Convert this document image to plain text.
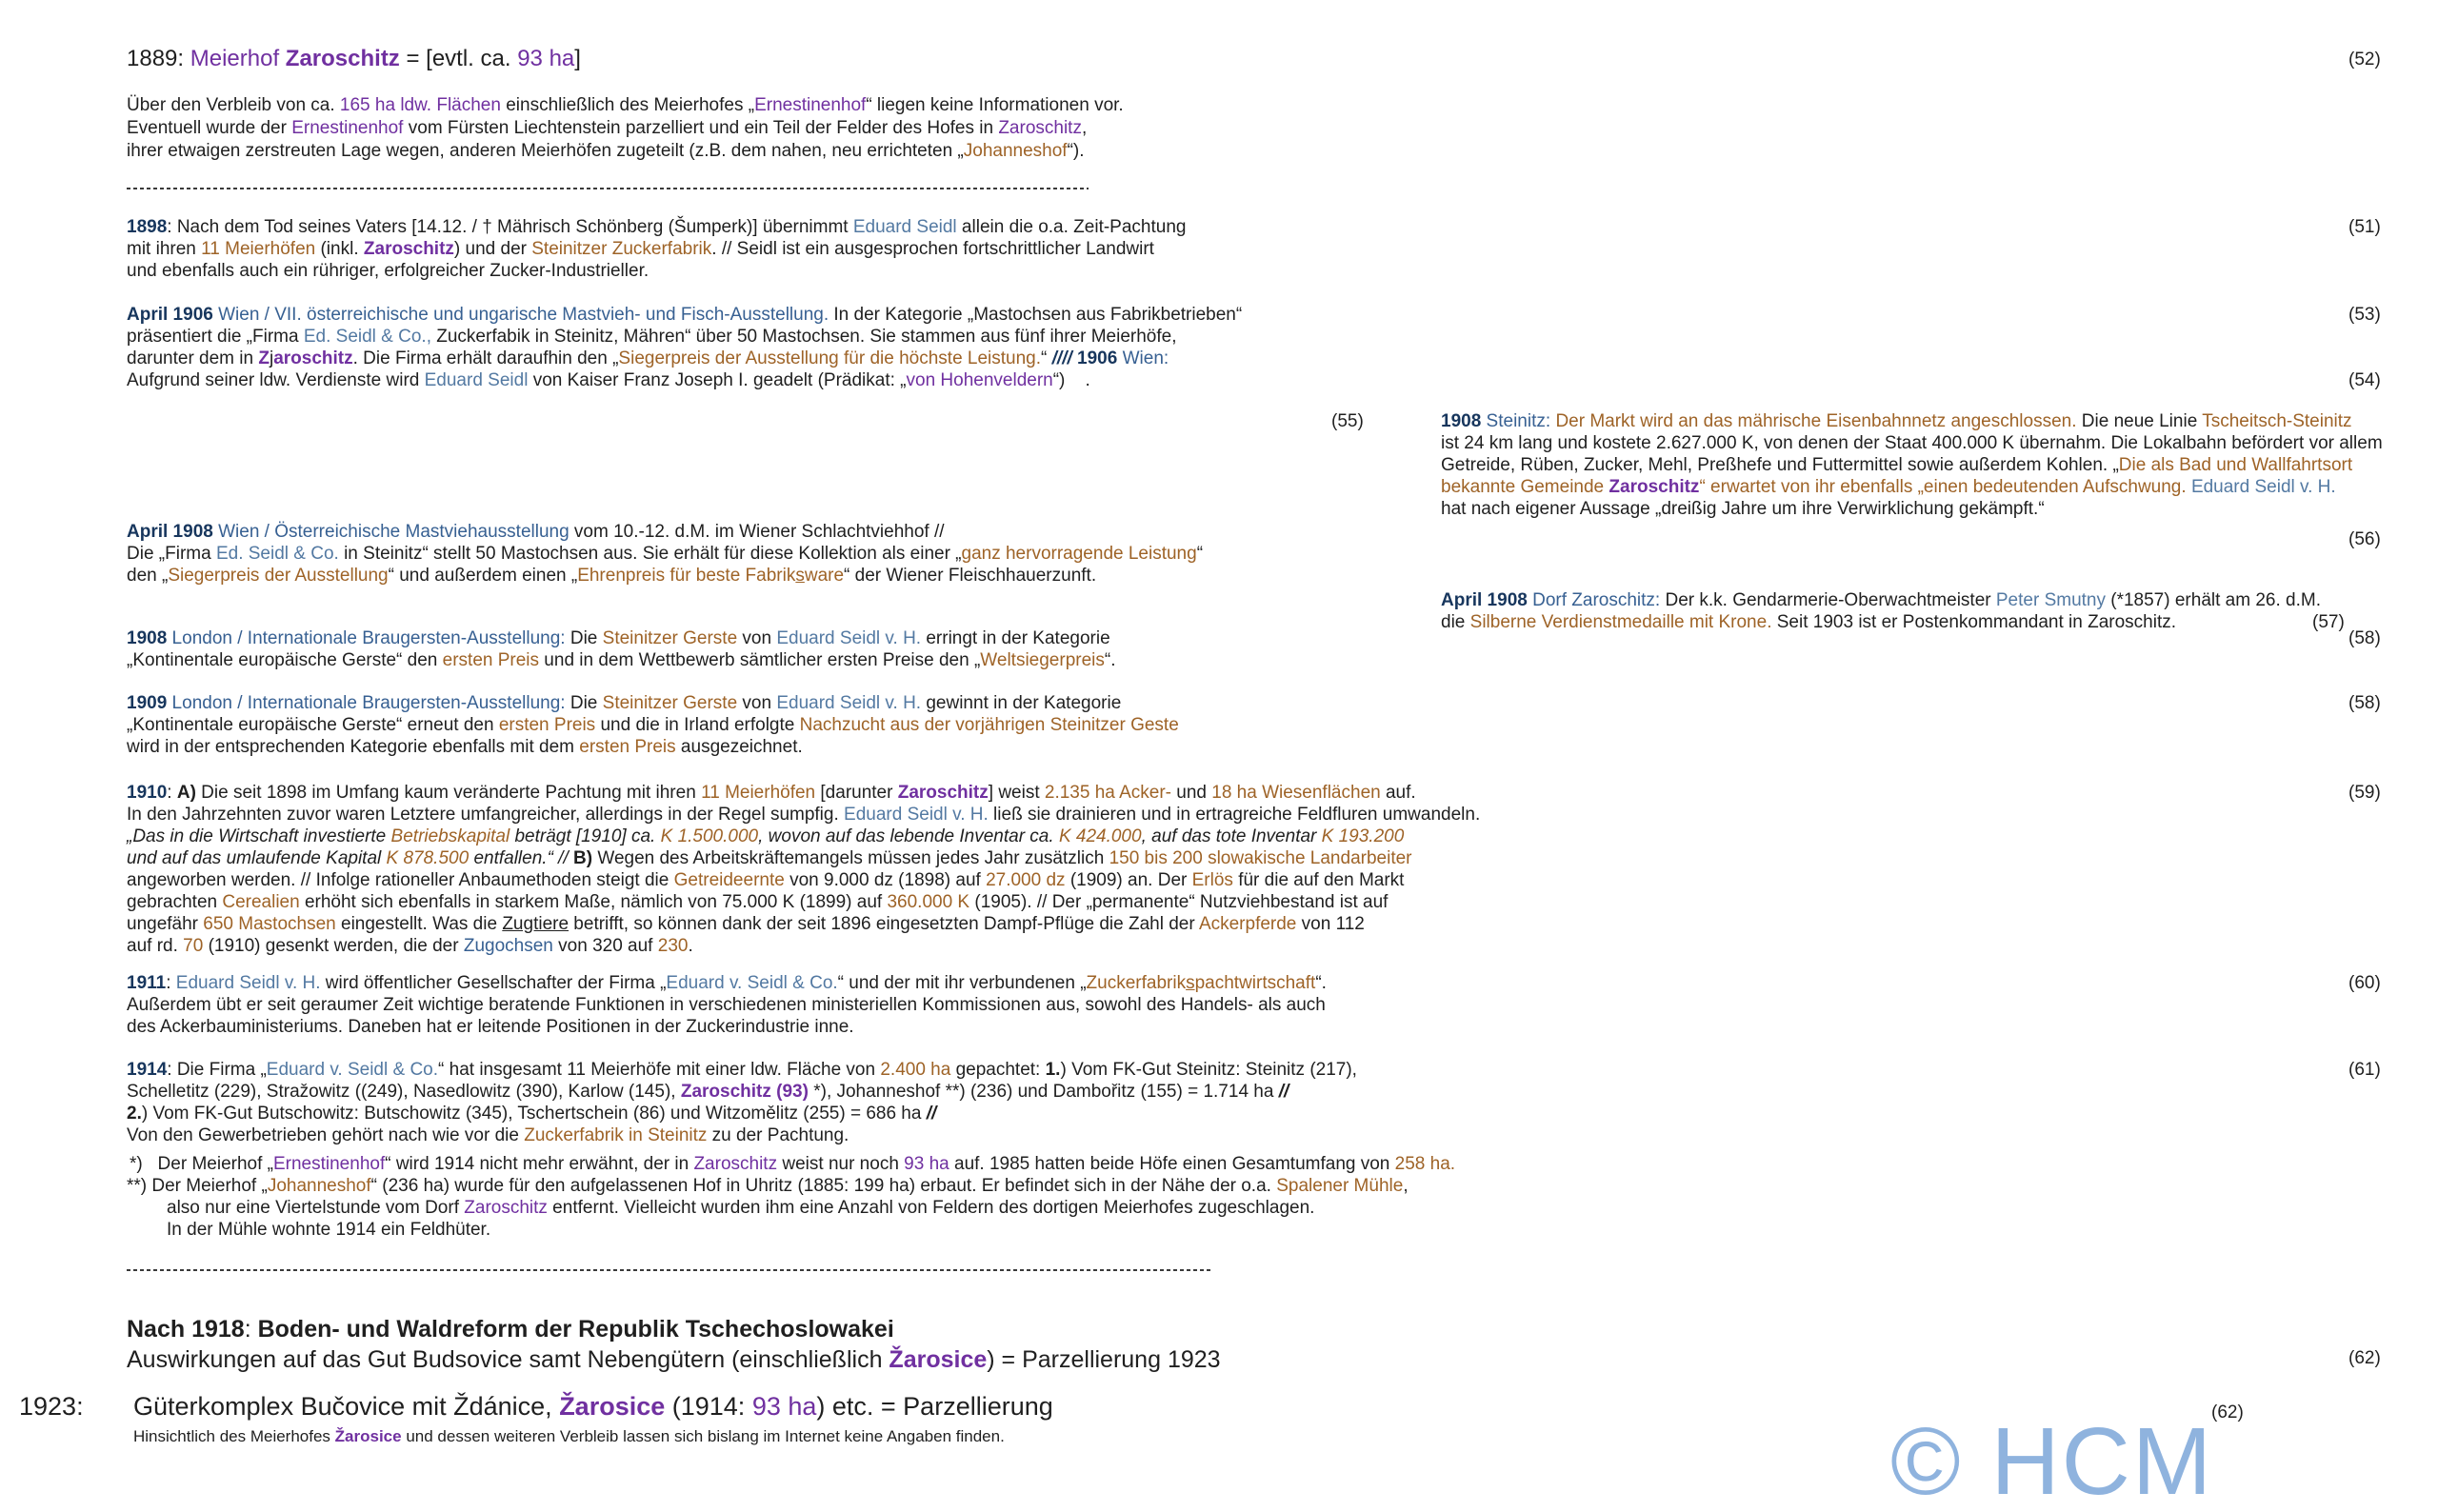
© HCM
1889: Meierhof Zaroschitz = [evtl. ca. 93 ha]
Über den Verbleib von ca. 165 ha ldw. Flächen einschließlich des Meierhofes „Ernestinenhof“ liegen keine Informationen vor.
Eventuell wurde der Ernestinenhof vom Fürsten Liechtenstein parzelliert und ein Teil der Felder des Hofes in Zaroschitz,
ihrer etwaigen zerstreuten Lage wegen, anderen Meierhöfen zugeteilt (z.B. dem nahen, neu errichteten „Johanneshof“).
1898: Nach dem Tod seines Vaters [14.12. / † Mährisch Schönberg (Šumperk)] übernimmt Eduard Seidl allein die o.a. Zeit-Pachtung
mit ihren 11 Meierhöfen (inkl. Zaroschitz) und der Steinitzer Zuckerfabrik. // Seidl ist ein ausgesprochen fortschrittlicher Landwirt
und ebenfalls auch ein rühriger, erfolgreicher Zucker-Industrieller.
April 1906 Wien / VII. österreichische und ungarische Mastvieh- und Fisch-Ausstellung. In der Kategorie „Mastochsen aus Fabrikbetrieben“
präsentiert die „Firma Ed. Seidl & Co., Zuckerfabik in Steinitz, Mähren“ über 50 Mastochsen. Sie stammen aus fünf ihrer Meierhöfe,
darunter dem in Zjaroschitz. Die Firma erhält daraufhin den „Siegerpreis der Ausstellung für die höchste Leistung.“ //// 1906 Wien:
Aufgrund seiner ldw. Verdienste wird Eduard Seidl von Kaiser Franz Joseph I. geadelt (Prädikat: „von Hohenveldern“)    .
1908 Steinitz: Der Markt wird an das mährische Eisenbahnnetz angeschlossen. Die neue Linie Tscheitsch-Steinitz
ist 24 km lang und kostete 2.627.000 K, von denen der Staat 400.000 K übernahm. Die Lokalbahn befördert vor allem
Getreide, Rüben, Zucker, Mehl, Preßhefe und Futtermittel sowie außerdem Kohlen. „Die als Bad und Wallfahrtsort
bekannte Gemeinde Zaroschitz“ erwartet von ihr ebenfalls „einen bedeutenden Aufschwung. Eduard Seidl v. H.
hat nach eigener Aussage „dreißig Jahre um ihre Verwirklichung gekämpft.“
April 1908 Wien / Österreichische Mastviehausstellung vom 10.-12. d.M. im Wiener Schlachtviehhof //
Die „Firma Ed. Seidl & Co. in Steinitz“ stellt 50 Mastochsen aus. Sie erhält für diese Kollektion als einer „ganz hervorragende Leistung“
den „Siegerpreis der Ausstellung“ und außerdem einen „Ehrenpreis für beste Fabriksware“ der Wiener Fleischhauerzunft.
April 1908 Dorf Zaroschitz: Der k.k. Gendarmerie-Oberwachtmeister Peter Smutny (*1857) erhält am 26. d.M.
die Silberne Verdienstmedaille mit Krone. Seit 1903 ist er Postenkommandant in Zaroschitz.
1908 London / Internationale Braugersten-Ausstellung: Die Steinitzer Gerste von Eduard Seidl v. H. erringt in der Kategorie
„Kontinentale europäische Gerste“ den ersten Preis und in dem Wettbewerb sämtlicher ersten Preise den „Weltsiegerpreis“.
1909 London / Internationale Braugersten-Ausstellung: Die Steinitzer Gerste von Eduard Seidl v. H. gewinnt in der Kategorie
„Kontinentale europäische Gerste“ erneut den ersten Preis und die in Irland erfolgte Nachzucht aus der vorjährigen Steinitzer Geste
wird in der entsprechenden Kategorie ebenfalls mit dem ersten Preis ausgezeichnet.
1910: A) Die seit 1898 im Umfang kaum veränderte Pachtung mit ihren 11 Meierhöfen [darunter Zaroschitz] weist 2.135 ha Acker- und 18 ha Wiesenflächen auf.
In den Jahrzehnten zuvor waren Letztere umfangreicher, allerdings in der Regel sumpfig. Eduard Seidl v. H. ließ sie drainieren und in ertragreiche Feldfluren umwandeln.
„Das in die Wirtschaft investierte Betriebskapital beträgt [1910] ca. K 1.500.000, wovon auf das lebende Inventar ca. K 424.000, auf das tote Inventar K 193.200
und auf das umlaufende Kapital K 878.500 entfallen.“ // B) Wegen des Arbeitskräftemangels müssen jedes Jahr zusätzlich 150 bis 200 slowakische Landarbeiter
angeworben werden. // Infolge rationeller Anbaumethoden steigt die Getreideernte von 9.000 dz (1898) auf 27.000 dz (1909) an. Der Erlös für die auf den Markt
gebrachten Cerealien erhöht sich ebenfalls in starkem Maße, nämlich von 75.000 K (1899) auf 360.000 K (1905). // Der „permanente“ Nutzviehbestand ist auf
ungefähr 650 Mastochsen eingestellt. Was die Zugtiere betrifft, so können dank der seit 1896 eingesetzten Dampf-Pflüge die Zahl der Ackerpferde von 112
auf rd. 70 (1910) gesenkt werden, die der Zugochsen von 320 auf 230.
1911: Eduard Seidl v. H. wird öffentlicher Gesellschafter der Firma „Eduard v. Seidl & Co.“ und der mit ihr verbundenen „Zuckerfabrikspachtwirtschaft“.
Außerdem übt er seit geraumer Zeit wichtige beratende Funktionen in verschiedenen ministeriellen Kommissionen aus, sowohl des Handels- als auch
des Ackerbauministeriums. Daneben hat er leitende Positionen in der Zuckerindustrie inne.
1914: Die Firma „Eduard v. Seidl & Co.“ hat insgesamt 11 Meierhöfe mit einer ldw. Fläche von 2.400 ha gepachtet: 1.) Vom FK-Gut Steinitz: Steinitz (217),
Schelletitz (229), Stražowitz ((249), Nasedlowitz (390), Karlow (145), Zaroschitz (93) *), Johanneshof **) (236) und Dambořitz (155) = 1.714 ha //
2.) Vom FK-Gut Butschowitz: Butschowitz (345), Tschertschein (86) und Witzomělitz (255) = 686 ha //
Von den Gewerbetrieben gehört nach wie vor die Zuckerfabrik in Steinitz zu der Pachtung.
*)   Der Meierhof „Ernestinenhof“ wird 1914 nicht mehr erwähnt, der in Zaroschitz weist nur noch 93 ha auf. 1985 hatten beide Höfe einen Gesamtumfang von 258 ha.
**) Der Meierhof „Johanneshof“ (236 ha) wurde für den aufgelassenen Hof in Uhritz (1885: 199 ha) erbaut. Er befindet sich in der Nähe der o.a. Spalener Mühle,
also nur eine Viertelstunde vom Dorf Zaroschitz entfernt. Vielleicht wurden ihm eine Anzahl von Feldern des dortigen Meierhofes zugeschlagen.
In der Mühle wohnte 1914 ein Feldhüter.
Nach 1918: Boden- und Waldreform der Republik Tschechoslowakei
Auswirkungen auf das Gut Budsovice samt Nebengütern (einschließlich Žarosice) = Parzellierung 1923
1923: Güterkomplex Bučovice mit Ždánice, Žarosice (1914: 93 ha) etc. = Parzellierung
Hinsichtlich des Meierhofes Žarosice und dessen weiteren Verbleib lassen sich bislang im Internet keine Angaben finden.
(52)
(51)
(53)
(54)
(55)
(56)
(57)
(58)
(58)
(59)
(60)
(61)
(62)
(62)
